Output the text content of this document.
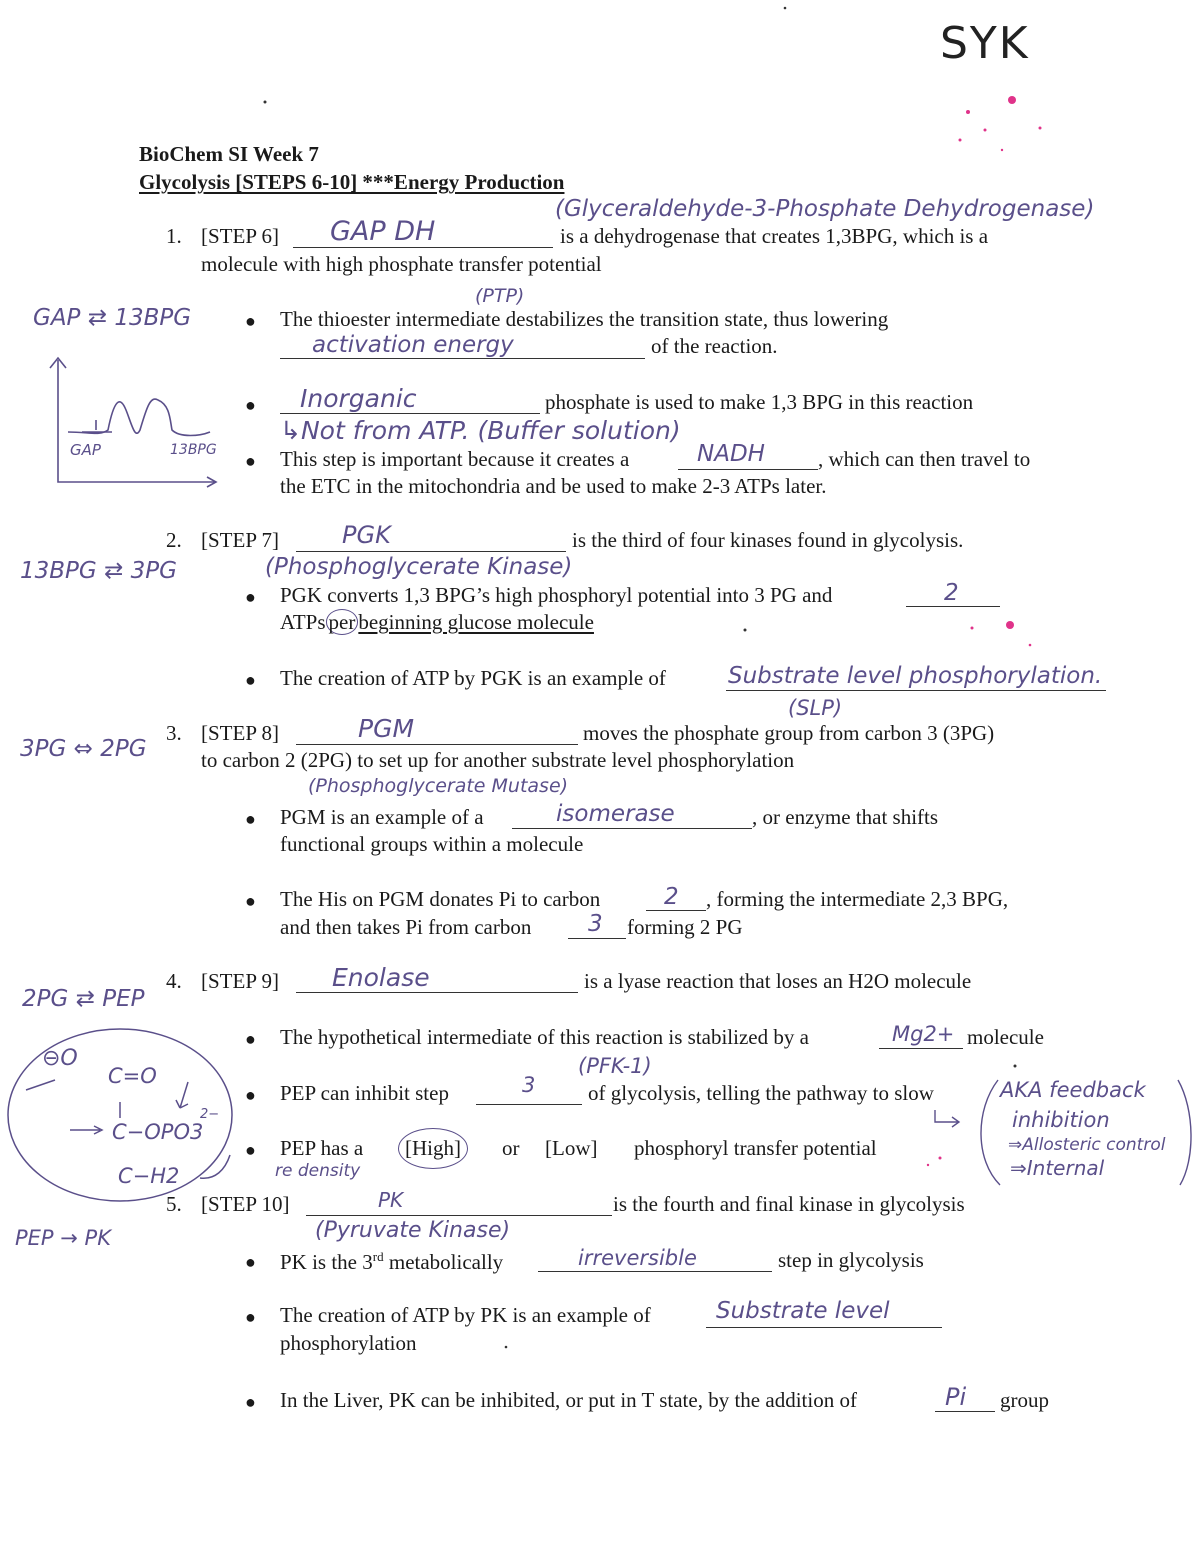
SYK
BioChem SI Week 7
Glycolysis [STEPS 6-10] ***Energy Production
(Glyceraldehyde-3-Phosphate Dehydrogenase)
1. [STEP 6] GAP DH	is a dehydrogenase that creates 1,3BPG, which is a
molecule with high phosphate transfer potential
(PTP)
GAP ⇄ 13BPG	● The thioester intermediate destabilizes the transition state, thus lowering
activation energy	of the reaction.
● Inorganic	phosphate is used to make 1,3 BPG in this reaction
↳Not from ATP. (Buffer solution)
● This step is important because it creates a	NADH	, which can then travel to
the ETC in the mitochondria and be used to make 2-3 ATPs later.
GAP	13BPG
2. [STEP 7]	PGK	is the third of four kinases found in glycolysis.
13BPG ⇄ 3PG	(Phosphoglycerate Kinase)
● PGK converts 1,3 BPG’s high phosphoryl potential into 3 PG and	2
ATPs per beginning glucose molecule
● The creation of ATP by PGK is an example of	Substrate level phosphorylation.
(SLP)
3. [STEP 8]	PGM	moves the phosphate group from carbon 3 (3PG)
3PG ⇔ 2PG	to carbon 2 (2PG) to set up for another substrate level phosphorylation
(Phosphoglycerate Mutase)
● PGM is an example of a	isomerase	, or enzyme that shifts
functional groups within a molecule
● The His on PGM donates Pi to carbon	2 , forming the intermediate 2,3 BPG,
and then takes Pi from carbon 3 forming 2 PG
4. [STEP 9] Enolase	is a lyase reaction that loses an H2O molecule
2PG ⇄ PEP
⊖O
C=O
C−OPO3
2−
C−H2
● The hypothetical intermediate of this reaction is stabilized by a	Mg2+ molecule
(PFK-1)
● PEP can inhibit step	3	of glycolysis, telling the pathway to slow	AKA feedback
inhibition
⇒Allosteric control
⇒Internal
● PEP has a	[High]	or [Low] phosphoryl transfer potential
re density
5. [STEP 10]	PK	is the fourth and final kinase in glycolysis
PEP → PK	(Pyruvate Kinase)
● PK is the 3rd metabolically	irreversible	step in glycolysis
● The creation of ATP by PK is an example of	Substrate level
phosphorylation
● In the Liver, PK can be inhibited, or put in T state, by the addition of	Pi group
